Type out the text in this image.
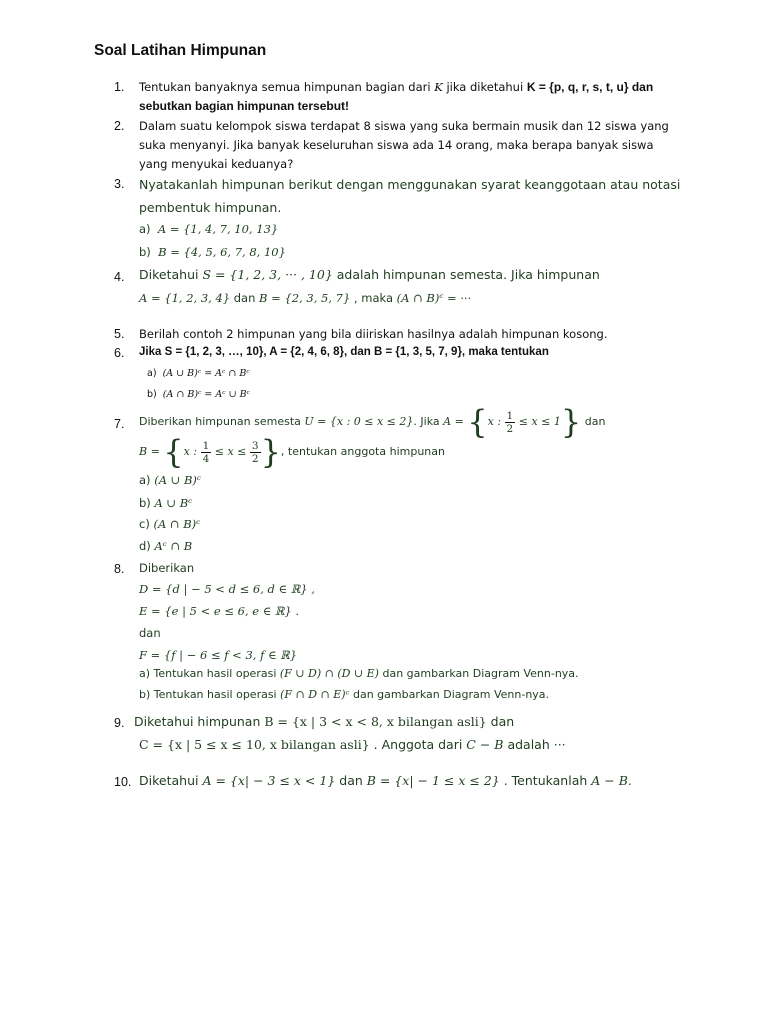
Soal Latihan Himpunan
1. Tentukan banyaknya semua himpunan bagian dari K jika diketahui K = {p, q, r, s, t, u} dan
sebutkan bagian himpunan tersebut!
2. Dalam suatu kelompok siswa terdapat 8 siswa yang suka bermain musik dan 12 siswa yang
suka menyanyi. Jika banyak keseluruhan siswa ada 14 orang, maka berapa banyak siswa
yang menyukai keduanya?
3. Nyatakanlah himpunan berikut dengan menggunakan syarat keanggotaan atau notasi
pembentuk himpunan.
a) A = {1, 4, 7, 10, 13}
b) B = {4, 5, 6, 7, 8, 10}
4. Diketahui S = {1, 2, 3, ··· , 10} adalah himpunan semesta. Jika himpunan
A = {1, 2, 3, 4} dan B = {2, 3, 5, 7} , maka (A ∩ B)ᶜ = ···
5. Berilah contoh 2 himpunan yang bila diiriskan hasilnya adalah himpunan kosong.
6. Jika S = {1, 2, 3, …, 10}, A = {2, 4, 6, 8}, dan B = {1, 3, 5, 7, 9}, maka tentukan
a) (A ∪ B)ᶜ = Aᶜ ∩ Bᶜ
b) (A ∩ B)ᶜ = Aᶜ ∪ Bᶜ
7. Diberikan himpunan semesta U = {x : 0 ≤ x ≤ 2}. Jika A = {x : $\frac{1}{2} \le x \le 1$} dan
B = {x : $\frac{1}{4} \le x \le \frac{3}{2}$ }, tentukan anggota himpunan
a) (A ∪ B)ᶜ
b) A ∪ Bᶜ
c) (A ∩ B)ᶜ
d) Aᶜ ∩ B
8. Diberikan
D = {d | − 5 < d ≤ 6, d ∈ ℝ} ,
E = {e | 5 < e ≤ 6, e ∈ ℝ} .
dan
F = {f | − 6 ≤ f < 3, f ∈ ℝ}
a) Tentukan hasil operasi (F ∪ D) ∩ (D ∪ E) dan gambarkan Diagram Venn-nya.
b) Tentukan hasil operasi (F ∩ D ∩ E)ᶜ dan gambarkan Diagram Venn-nya.
9. Diketahui himpunan B = {x | 3 < x < 8, x bilangan asli} dan
C = {x | 5 ≤ x ≤ 10, x bilangan asli} . Anggota dari C − B adalah ···
10. Diketahui A = {x| − 3 ≤ x < 1} dan B = {x| − 1 ≤ x ≤ 2} . Tentukanlah A − B.
